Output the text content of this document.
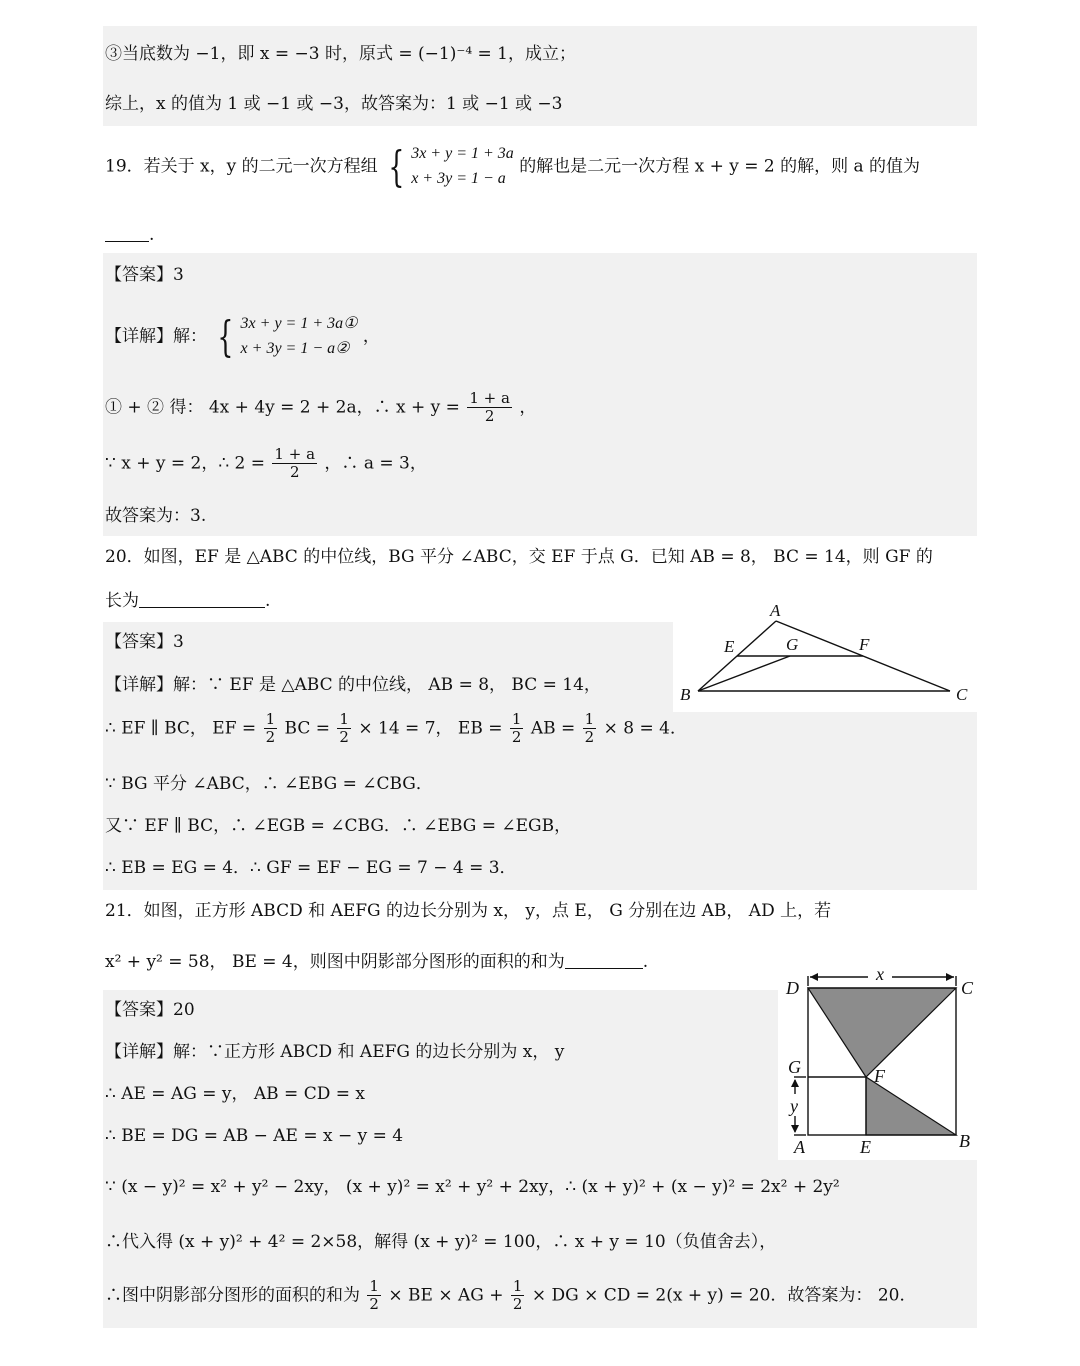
③当底数为 −1，即 x = −3 时，原式 = (−1)⁻⁴ = 1，成立；
综上，x 的值为 1 或 −1 或 −3，故答案为：1 或 −1 或 −3
19．若关于 x，y 的二元一次方程组 { 3x + y = 1 + 3a
x + 3y = 1 − a
的解也是二元一次方程 x + y = 2 的解，则 a 的值为
.
【答案】3
【详解】解： { 3x + y = 1 + 3a①
x + 3y = 1 − a②
，
① + ② 得： 4x + 4y = 2 + 2a，∴ $x + y = \frac{1 + a}{2}$ ，
∵ x + y = 2，∴ $2 = \frac{1 + a}{2}$ ，∴ a = 3，
故答案为：3.
20．如图，EF 是 △ABC 的中位线，BG 平分 ∠ABC，交 EF 于点 G．已知 AB = 8， BC = 14，则 GF 的
长为	.	A
B	C
E	G	F
【答案】3
【详解】解：∵ EF 是 △ABC 的中位线， AB = 8， BC = 14，
∴ EF ∥ BC， EF = $\frac{1}{2}$ BC = $\frac{1}{2} \times 14 = 7$， EB = $\frac{1}{2}$ AB = $\frac{1}{2} \times 8 = 4$．
∵ BG 平分 ∠ABC，∴ ∠EBG = ∠CBG．
又∵ EF ∥ BC，∴ ∠EGB = ∠CBG．∴ ∠EBG = ∠EGB，
∴ EB = EG = 4．∴ GF = EF − EG = 7 − 4 = 3．
21．如图，正方形 ABCD 和 AEFG 的边长分别为 x， y，点 E， G 分别在边 AB， AD 上，若
x² + y² = 58， BE = 4，则图中阴影部分图形的面积的和为	.
D	C
x
G	F
y
A	E	B
【答案】20
【详解】解：∵正方形 ABCD 和 AEFG 的边长分别为 x， y
∴ AE = AG = y， AB = CD = x
∴ BE = DG = AB − AE = x − y = 4
∵ (x − y)² = x² + y² − 2xy， (x + y)² = x² + y² + 2xy，∴ (x + y)² + (x − y)² = 2x² + 2y²
∴代入得 (x + y)² + 4² = 2×58，解得 (x + y)² = 100，∴ x + y = 10（负值舍去），
∴图中阴影部分图形的面积的和为 $\frac{1}{2}$ × BE × AG + $\frac{1}{2}$ × DG × CD = 2(x + y) = 20．故答案为： 20．
